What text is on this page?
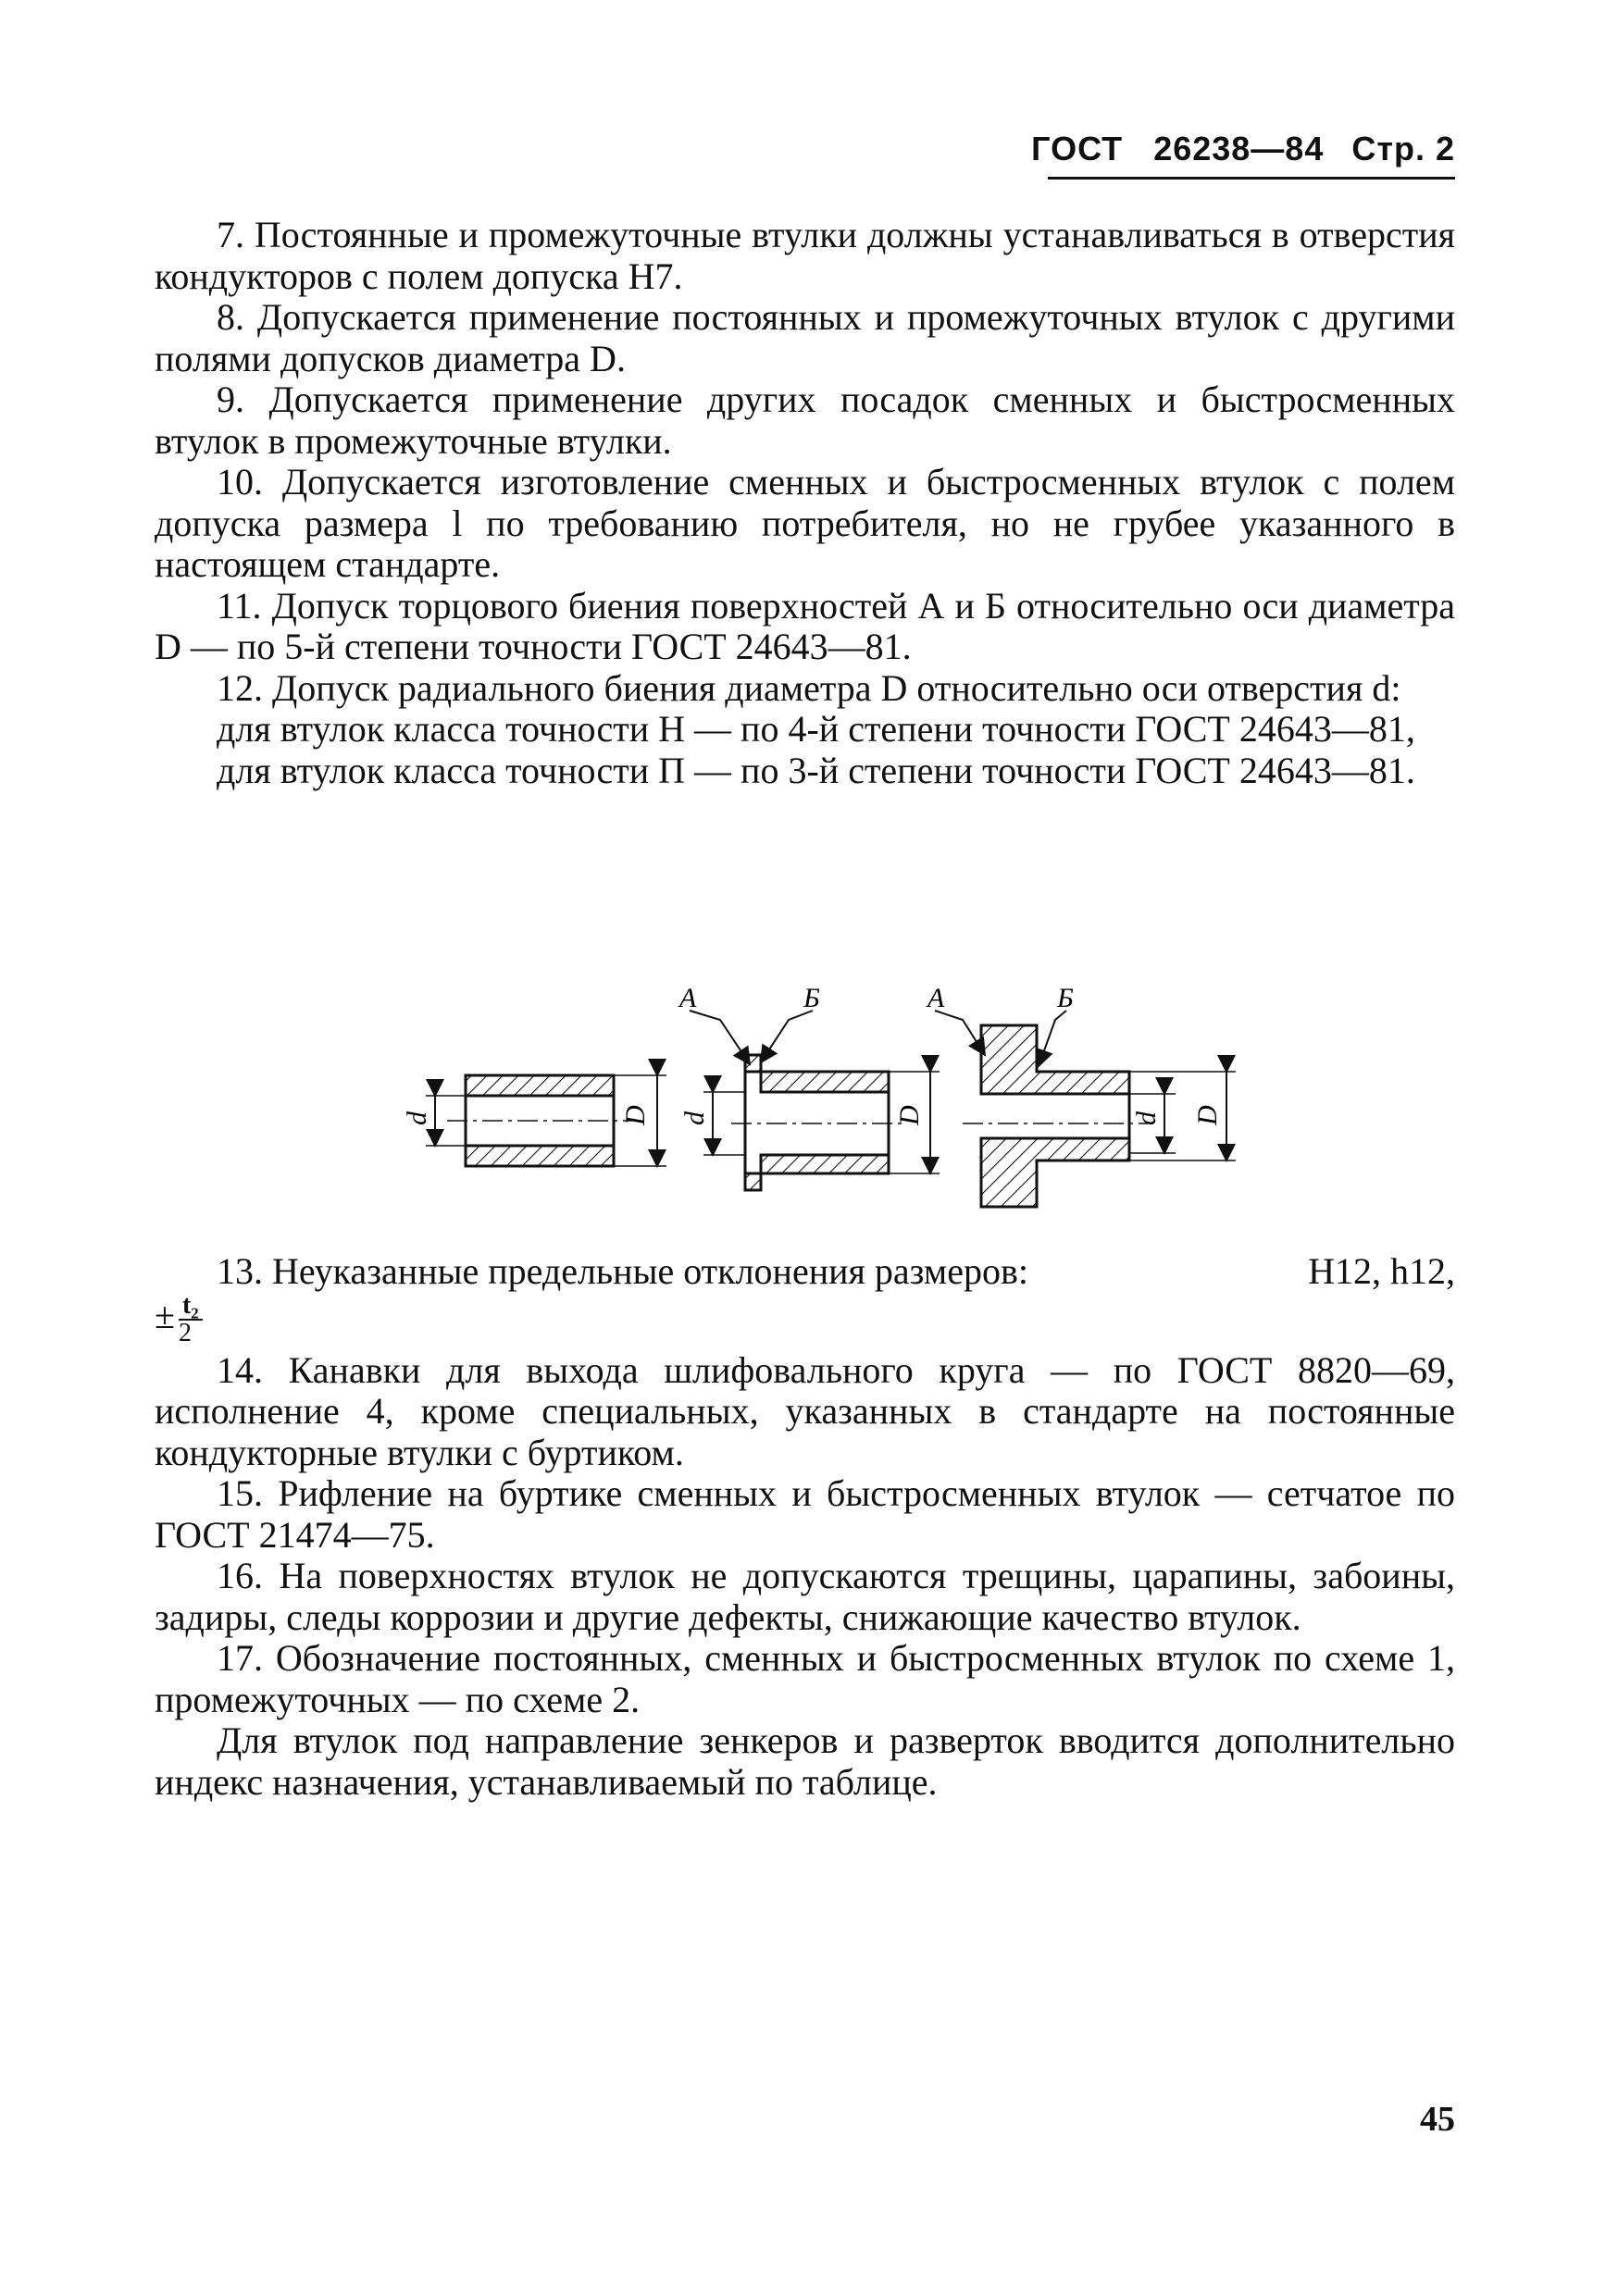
ГОСТ 26238—84 Стр. 2

7. Постоянные и промежуточные втулки должны устанавливаться в отверстия кондукторов с полем допуска H7.

8. Допускается применение постоянных и промежуточных втулок с другими полями допусков диаметра D.

9. Допускается применение других посадок сменных и быстросменных втулок в промежуточные втулки.

10. Допускается изготовление сменных и быстросменных втулок с полем допуска размера l по требованию потребителя, но не грубее указанного в настоящем стандарте.

11. Допуск торцового биения поверхностей А и Б относительно оси диаметра D — по 5-й степени точности ГОСТ 24643—81.

12. Допуск радиального биения диаметра D относительно оси отверстия d:

для втулок класса точности Н — по 4-й степени точности ГОСТ 24643—81,

для втулок класса точности П — по 3-й степени точности ГОСТ 24643—81.

d	D
А	Б
d	D
А	Б
d D
13. Неуказанные предельные отклонения размеров:	H12, h12,
± $\frac{\text{t₂}}{2}$

14. Канавки для выхода шлифовального круга — по ГОСТ 8820—69, исполнение 4, кроме специальных, указанных в стандарте на постоянные кондукторные втулки с буртиком.

15. Рифление на буртике сменных и быстросменных втулок — сетчатое по ГОСТ 21474—75.

16. На поверхностях втулок не допускаются трещины, царапины, забоины, задиры, следы коррозии и другие дефекты, снижающие качество втулок.

17. Обозначение постоянных, сменных и быстросменных втулок по схеме 1, промежуточных — по схеме 2.

Для втулок под направление зенкеров и разверток вводится дополнительно индекс назначения, устанавливаемый по таблице.

45
